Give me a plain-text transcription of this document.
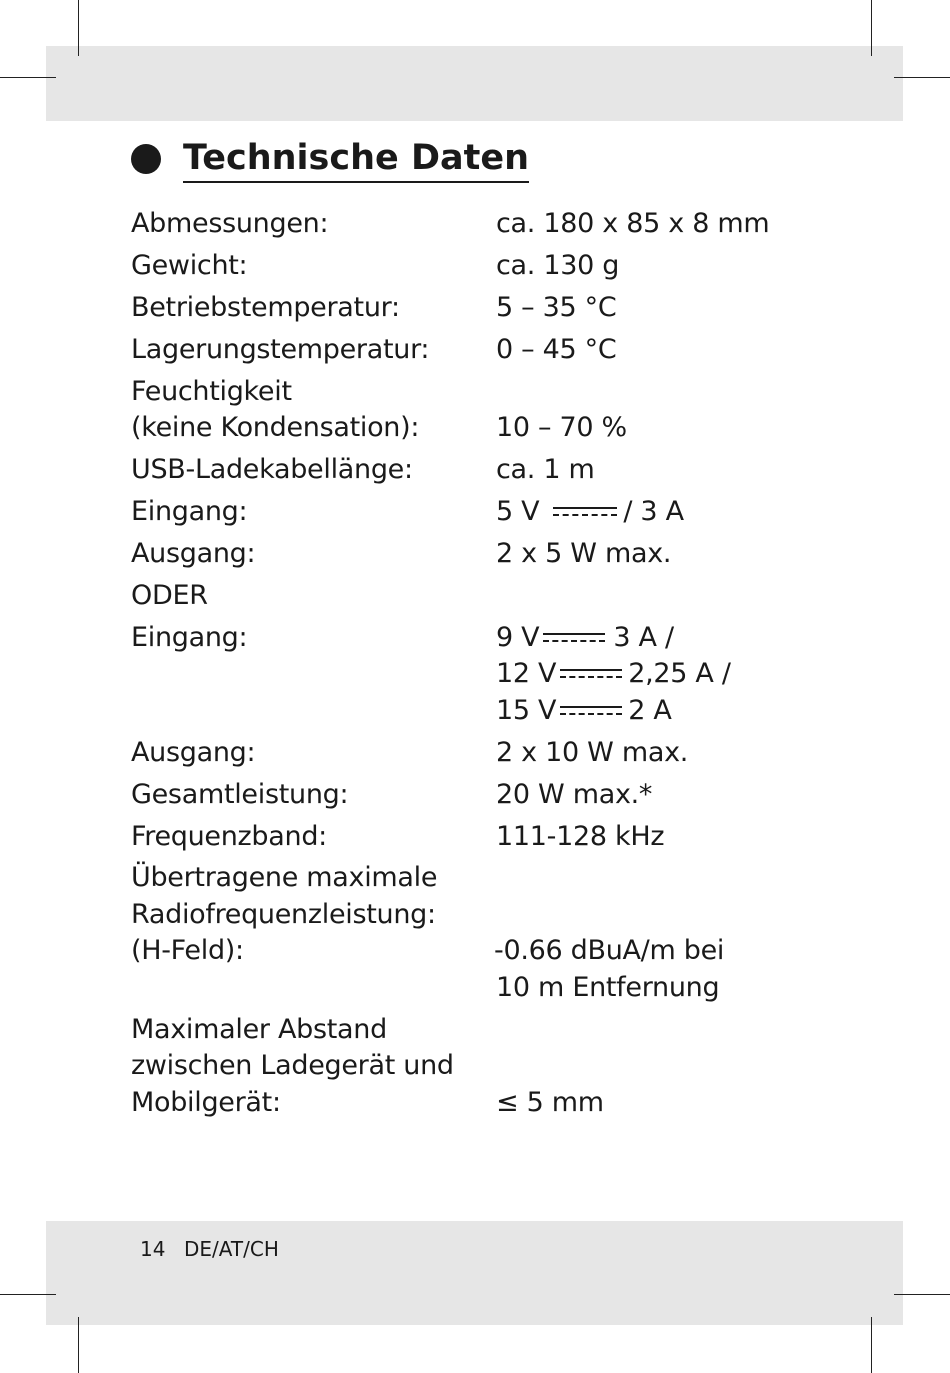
Technische Daten
Abmessungen:	ca. 180 x 85 x 8 mm
Gewicht:	ca. 130 g
Betriebstemperatur:	5 – 35 °C
Lagerungstemperatur: 0 – 45 °C
Feuchtigkeit
(keine Kondensation):	10 – 70 %
USB-Ladekabellänge:	ca. 1 m
Eingang:	5 V	/ 3 A
Ausgang:	2 x 5 W max.
ODER
Eingang:	9 V	3 A /
12 V	2,25 A /
15 V	2 A
Ausgang:	2 x 10 W max.
Gesamtleistung:	20 W max.*
Frequenzband:	111-128 kHz
Übertragene maximale
Radiofrequenzleistung:
(H-Feld):	-0.66 dBuA/m bei
10 m Entfernung
Maximaler Abstand
zwischen Ladegerät und
Mobilgerät:	≤ 5 mm
14 DE/AT/CH
